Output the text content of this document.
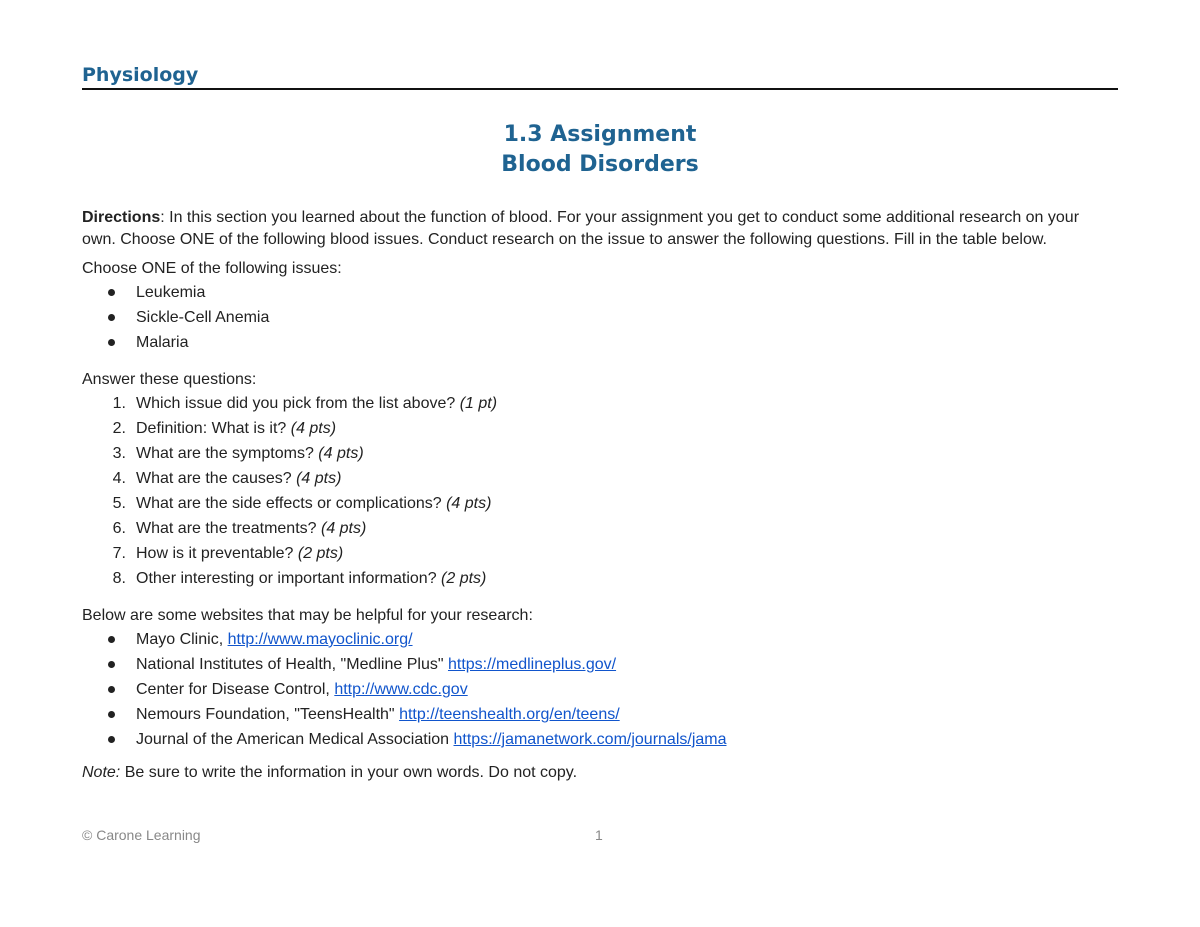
Physiology
1.3 Assignment
Blood Disorders

Directions: In this section you learned about the function of blood. For your assignment you get to conduct some additional research on your own. Choose ONE of the following blood issues. Conduct research on the issue to answer the following questions. Fill in the table below.

Choose ONE of the following issues:

Leukemia
Sickle-Cell Anemia
Malaria

Answer these questions:

1. Which issue did you pick from the list above? (1 pt)
2. Definition: What is it? (4 pts)
3. What are the symptoms? (4 pts)
4. What are the causes? (4 pts)
5. What are the side effects or complications? (4 pts)
6. What are the treatments? (4 pts)
7. How is it preventable? (2 pts)
8. Other interesting or important information? (2 pts)

Below are some websites that may be helpful for your research:

Mayo Clinic, http://www.mayoclinic.org/
National Institutes of Health, "Medline Plus" https://medlineplus.gov/
Center for Disease Control, http://www.cdc.gov
Nemours Foundation, "TeensHealth" http://teenshealth.org/en/teens/
Journal of the American Medical Association https://jamanetwork.com/journals/jama

Note: Be sure to write the information in your own words. Do not copy.

© Carone Learning	1
